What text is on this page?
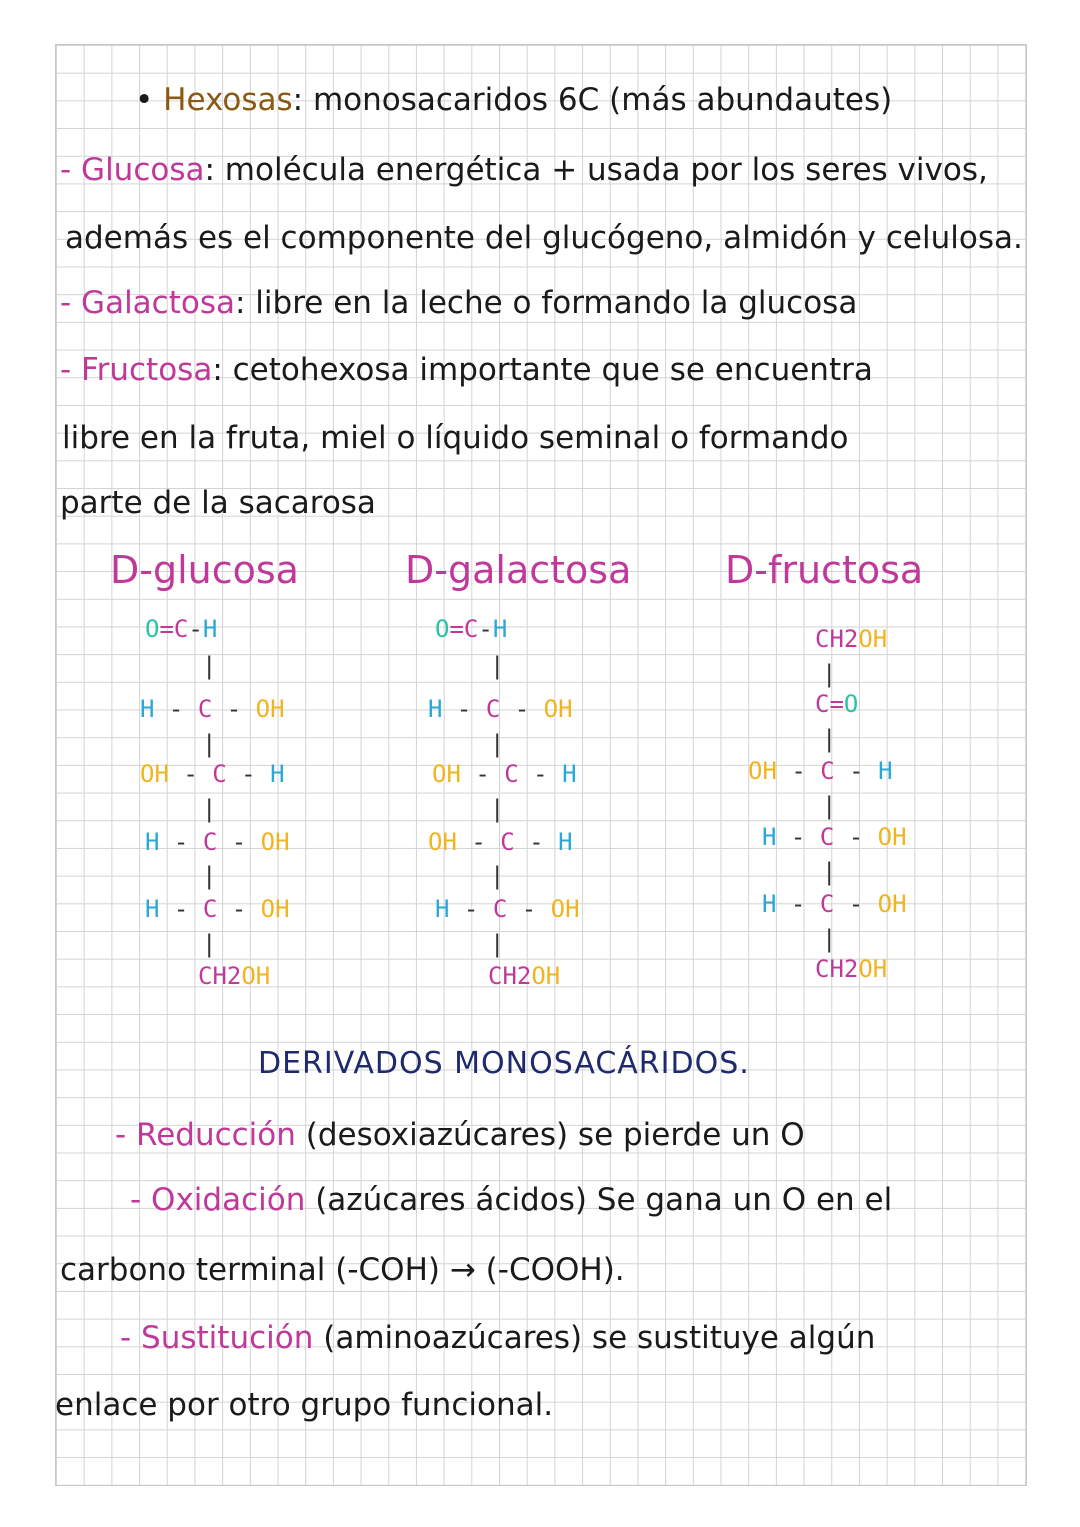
• Hexosas: monosacaridos 6C (más abundautes)
- Glucosa: molécula energética + usada por los seres vivos,
además es el componente del glucógeno, almidón y celulosa.
- Galactosa: libre en la leche o formando la glucosa
- Fructosa: cetohexosa importante que se encuentra
libre en la fruta, miel o líquido seminal o formando
parte de la sacarosa
D-glucosa	D-galactosa D-fructosa
O=C-H
|
H - C - OH
|
OH - C - H
|
H - C - OH
|
H - C - OH
|
CH2OH
O=C-H
|
H - C - OH
|
OH - C - H
|
OH - C - H
|
H - C - OH
|
CH2OH
CH2OH
|
C=O
|
OH - C - H
|
H - C - OH
|
H - C - OH
|
CH2OH
DERIVADOS MONOSACÁRIDOS.
- Reducción (desoxiazúcares) se pierde un O
- Oxidación (azúcares ácidos) Se gana un O en el
carbono terminal (-COH) → (-COOH).
- Sustitución (aminoazúcares) se sustituye algún
enlace por otro grupo funcional.
